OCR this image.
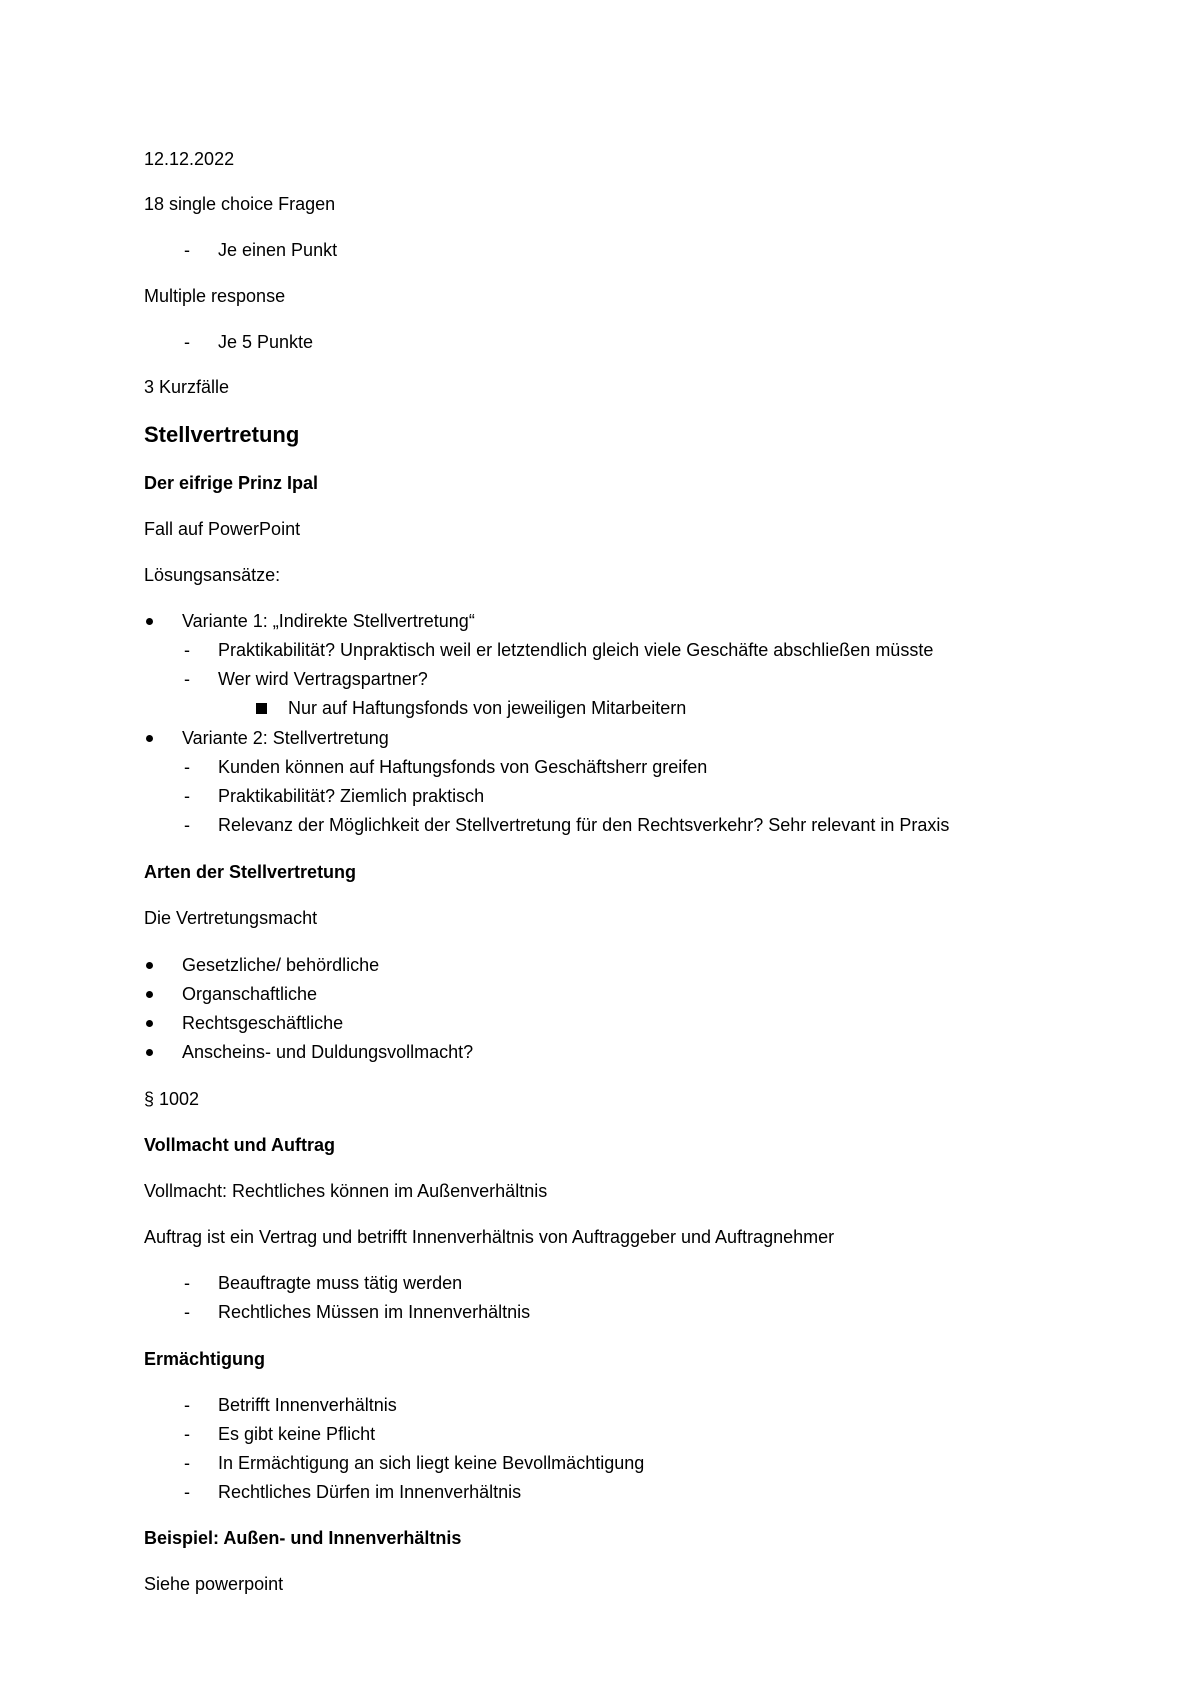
12.12.2022
18 single choice Fragen
- Je einen Punkt
Multiple response
- Je 5 Punkte
3 Kurzfälle
Stellvertretung
Der eifrige Prinz Ipal
Fall auf PowerPoint
Lösungsansätze:
Variante 1: „Indirekte Stellvertretung“
- Praktikabilität? Unpraktisch weil er letztendlich gleich viele Geschäfte abschließen müsste
- Wer wird Vertragspartner?
Nur auf Haftungsfonds von jeweiligen Mitarbeitern
Variante 2: Stellvertretung
- Kunden können auf Haftungsfonds von Geschäftsherr greifen
- Praktikabilität? Ziemlich praktisch
- Relevanz der Möglichkeit der Stellvertretung für den Rechtsverkehr? Sehr relevant in Praxis
Arten der Stellvertretung
Die Vertretungsmacht
Gesetzliche/ behördliche
Organschaftliche
Rechtsgeschäftliche
Anscheins- und Duldungsvollmacht?
§ 1002
Vollmacht und Auftrag
Vollmacht: Rechtliches können im Außenverhältnis
Auftrag ist ein Vertrag und betrifft Innenverhältnis von Auftraggeber und Auftragnehmer
- Beauftragte muss tätig werden
- Rechtliches Müssen im Innenverhältnis
Ermächtigung
- Betrifft Innenverhältnis
- Es gibt keine Pflicht
- In Ermächtigung an sich liegt keine Bevollmächtigung
- Rechtliches Dürfen im Innenverhältnis
Beispiel: Außen- und Innenverhältnis
Siehe powerpoint
